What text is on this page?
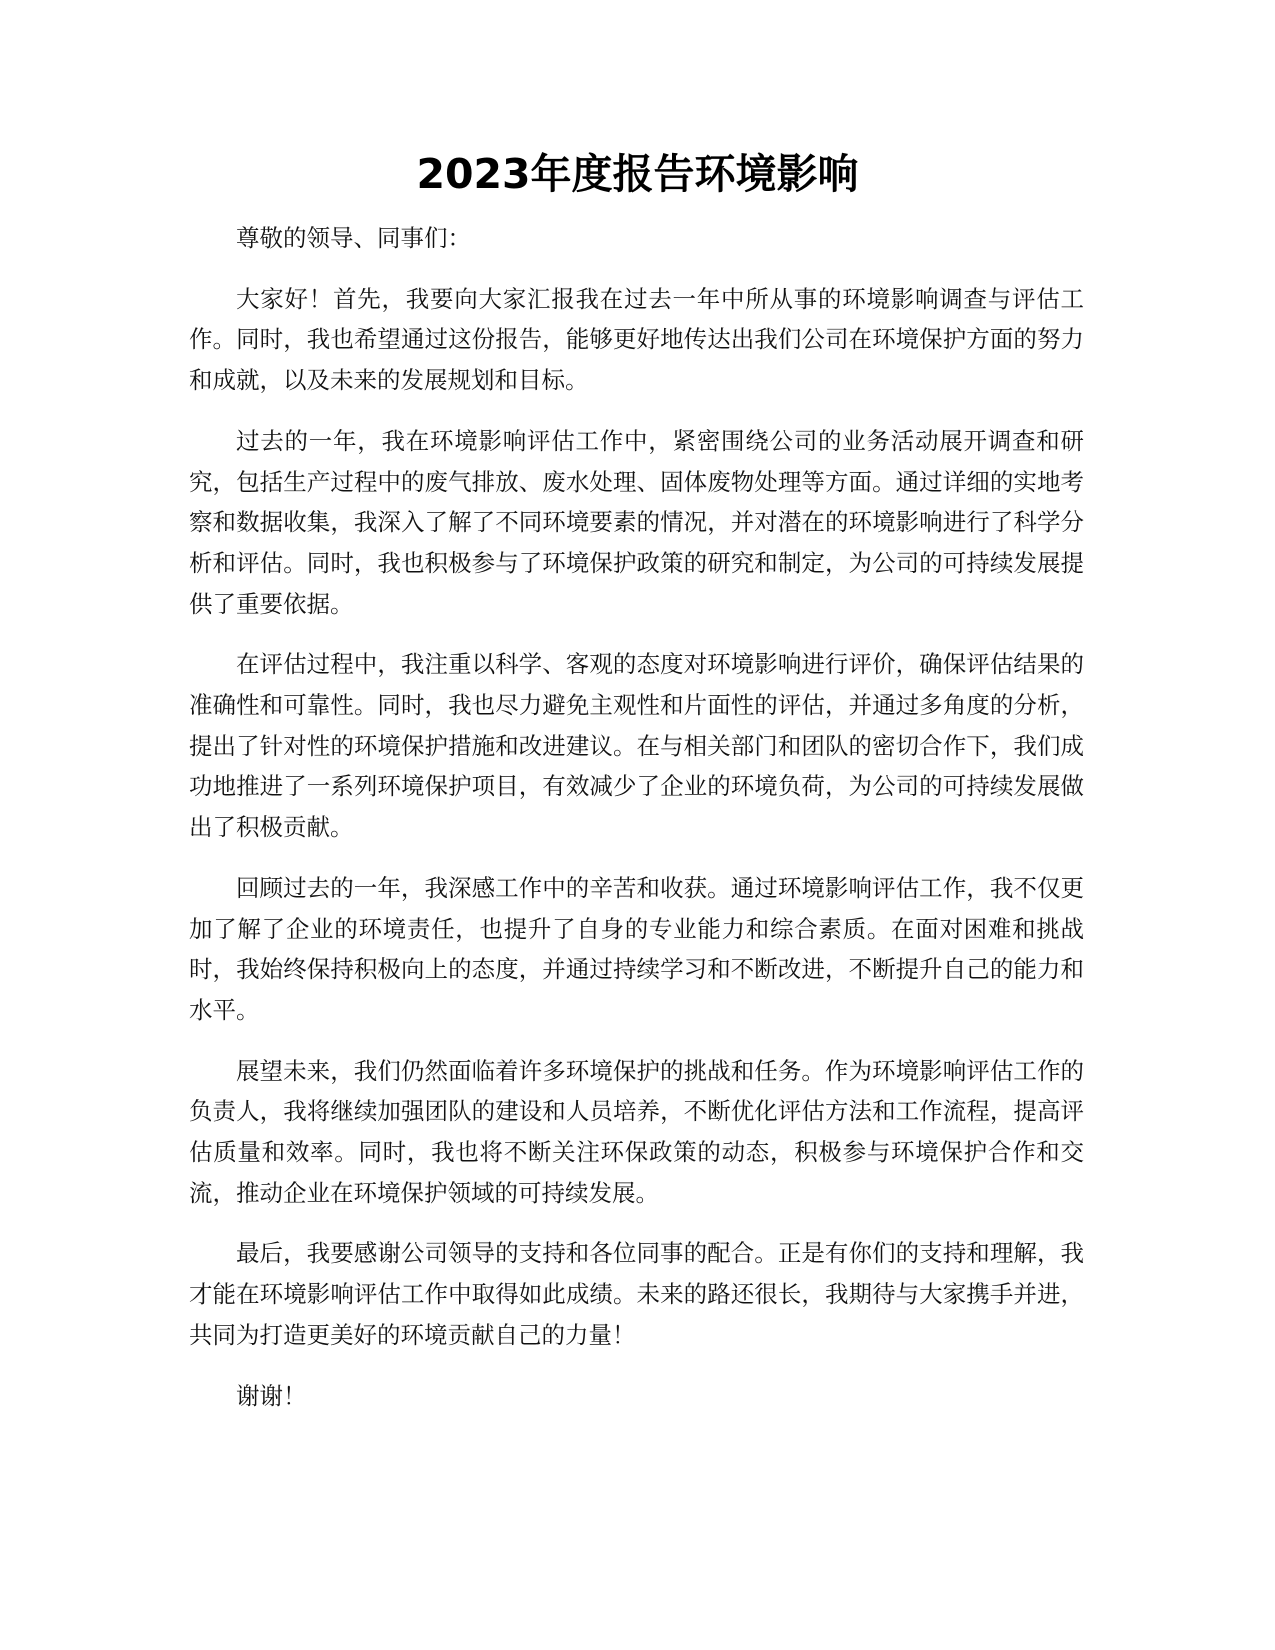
2023年度报告环境影响

尊敬的领导、同事们：

大家好！首先，我要向大家汇报我在过去一年中所从事的环境影响调查与评估工作。同时，我也希望通过这份报告，能够更好地传达出我们公司在环境保护方面的努力和成就，以及未来的发展规划和目标。

过去的一年，我在环境影响评估工作中，紧密围绕公司的业务活动展开调查和研究，包括生产过程中的废气排放、废水处理、固体废物处理等方面。通过详细的实地考察和数据收集，我深入了解了不同环境要素的情况，并对潜在的环境影响进行了科学分析和评估。同时，我也积极参与了环境保护政策的研究和制定，为公司的可持续发展提供了重要依据。

在评估过程中，我注重以科学、客观的态度对环境影响进行评价，确保评估结果的准确性和可靠性。同时，我也尽力避免主观性和片面性的评估，并通过多角度的分析，提出了针对性的环境保护措施和改进建议。在与相关部门和团队的密切合作下，我们成功地推进了一系列环境保护项目，有效减少了企业的环境负荷，为公司的可持续发展做出了积极贡献。

回顾过去的一年，我深感工作中的辛苦和收获。通过环境影响评估工作，我不仅更加了解了企业的环境责任，也提升了自身的专业能力和综合素质。在面对困难和挑战时，我始终保持积极向上的态度，并通过持续学习和不断改进，不断提升自己的能力和水平。

展望未来，我们仍然面临着许多环境保护的挑战和任务。作为环境影响评估工作的负责人，我将继续加强团队的建设和人员培养，不断优化评估方法和工作流程，提高评估质量和效率。同时，我也将不断关注环保政策的动态，积极参与环境保护合作和交流，推动企业在环境保护领域的可持续发展。

最后，我要感谢公司领导的支持和各位同事的配合。正是有你们的支持和理解，我才能在环境影响评估工作中取得如此成绩。未来的路还很长，我期待与大家携手并进，共同为打造更美好的环境贡献自己的力量！

谢谢！
